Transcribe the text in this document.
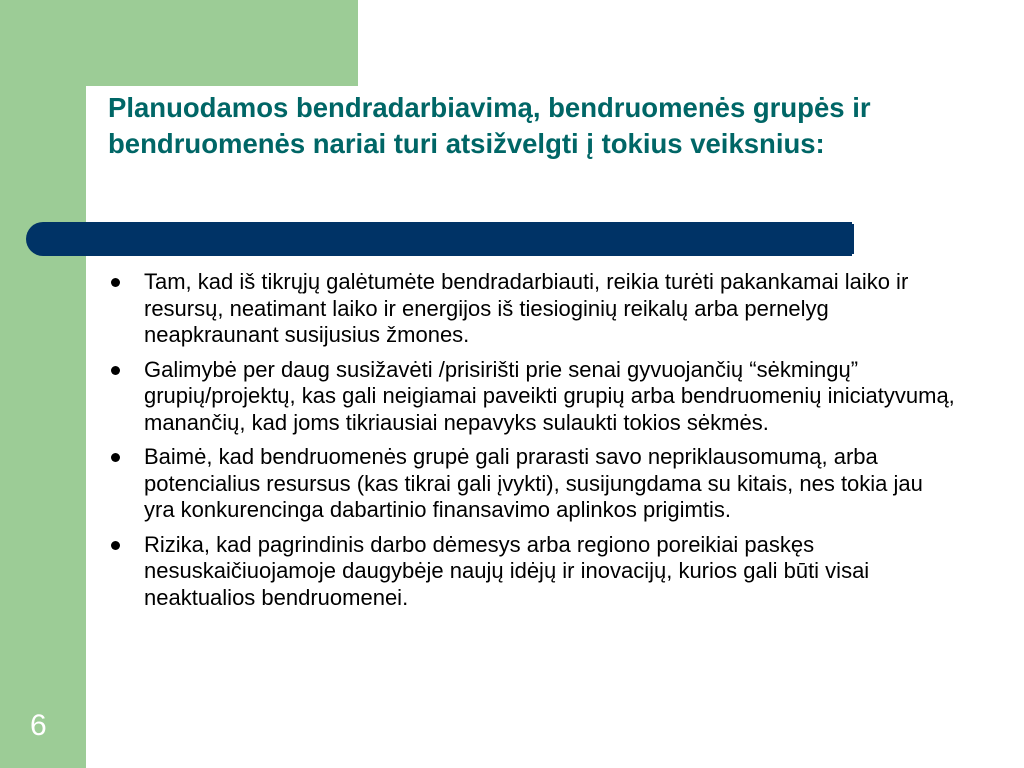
Planuodamos bendradarbiavimą, bendruomenės grupės ir bendruomenės nariai turi atsižvelgti į tokius veiksnius:
Tam, kad iš tikrųjų galėtumėte bendradarbiauti, reikia turėti pakankamai laiko ir resursų, neatimant laiko ir energijos iš tiesioginių reikalų arba pernelyg neapkraunant susijusius žmones.
Galimybė per daug susižavėti /prisirišti prie senai gyvuojančių “sėkmingų” grupių/projektų, kas gali neigiamai paveikti grupių arba bendruomenių iniciatyvumą, manančių, kad joms tikriausiai nepavyks sulaukti tokios sėkmės.
Baimė, kad bendruomenės grupė gali prarasti savo nepriklausomumą, arba potencialius resursus (kas tikrai gali įvykti), susijungdama su kitais, nes tokia jau yra konkurencinga dabartinio finansavimo aplinkos prigimtis.
Rizika, kad pagrindinis darbo dėmesys arba regiono poreikiai paskęs nesuskaičiuojamoje daugybėje naujų idėjų ir inovacijų, kurios gali būti visai neaktualios bendruomenei.
6
